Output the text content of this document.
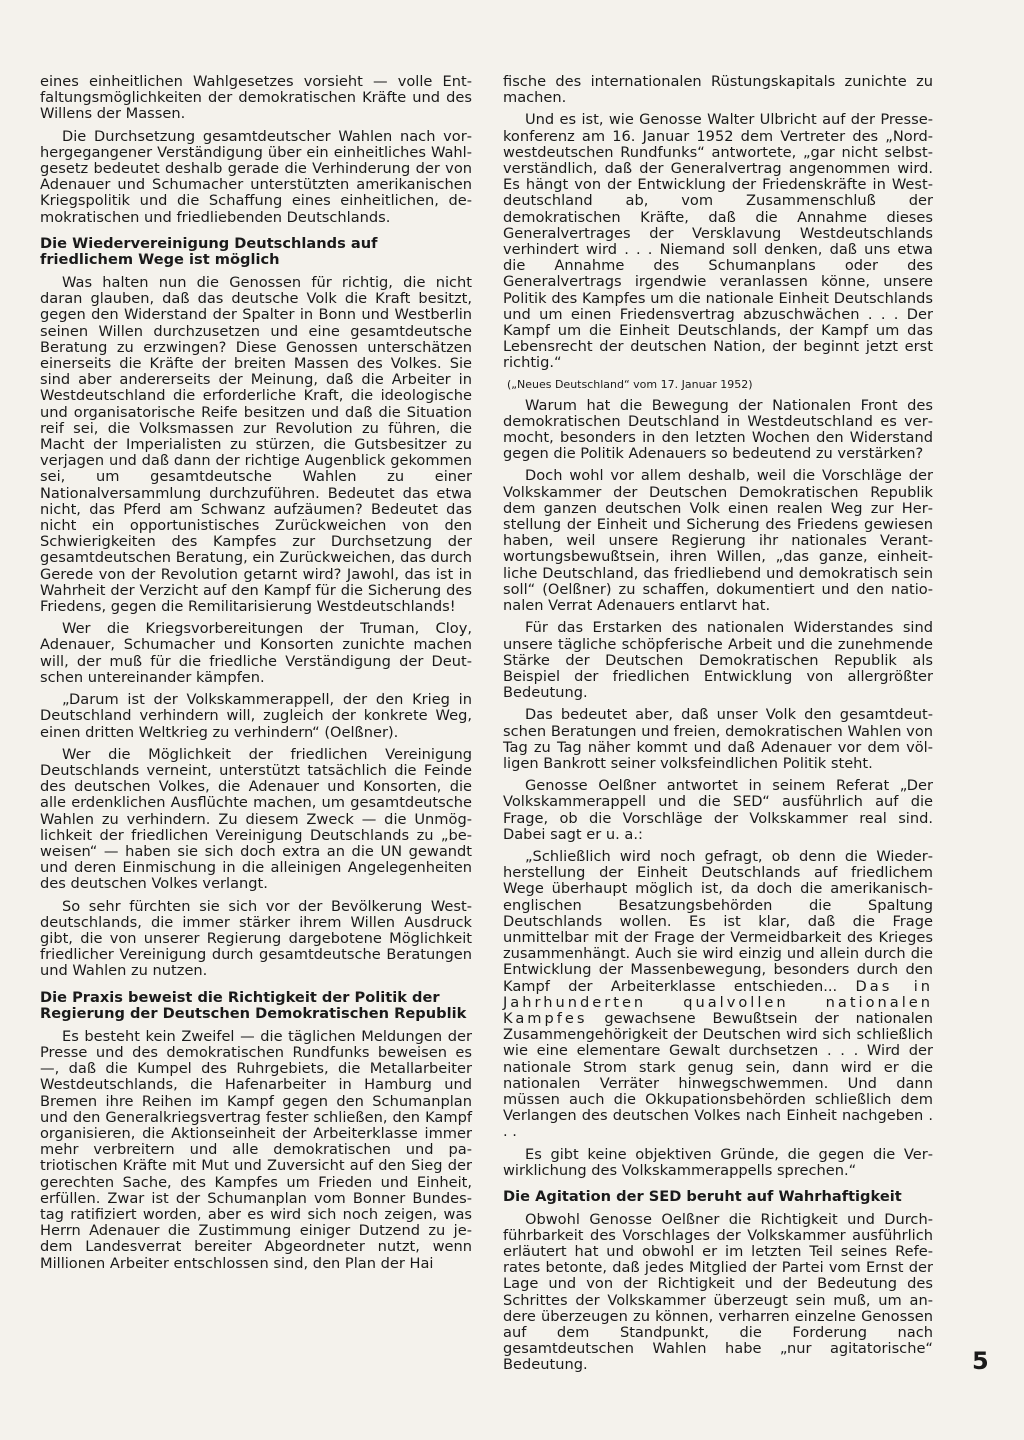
eines einheitlichen Wahlgesetzes vorsieht — volle Entfaltungsmöglichkeiten der demokratischen Kräfte und des Willens der Massen.

Die Durchsetzung gesamtdeutscher Wahlen nach vorhergegangener Verständigung über ein einheitliches Wahlgesetz bedeutet deshalb gerade die Verhinderung der von Adenauer und Schumacher unterstützten amerikanischen Kriegspolitik und die Schaffung eines einheitlichen, demokratischen und friedliebenden Deutschlands.

Die Wiedervereinigung Deutschlands auf friedlichem Wege ist möglich

Was halten nun die Genossen für richtig, die nicht daran glauben, daß das deutsche Volk die Kraft besitzt, gegen den Widerstand der Spalter in Bonn und Westberlin seinen Willen durchzusetzen und eine gesamtdeutsche Beratung zu erzwingen? Diese Genossen unterschätzen einerseits die Kräfte der breiten Massen des Volkes. Sie sind aber andererseits der Meinung, daß die Arbeiter in Westdeutschland die erforderliche Kraft, die ideologische und organisatorische Reife besitzen und daß die Situation reif sei, die Volksmassen zur Revolution zu führen, die Macht der Imperialisten zu stürzen, die Gutsbesitzer zu verjagen und daß dann der richtige Augenblick gekommen sei, um gesamtdeutsche Wahlen zu einer Nationalversammlung durchzuführen. Bedeutet das etwa nicht, das Pferd am Schwanz aufzäumen? Bedeutet das nicht ein opportunistisches Zurückweichen von den Schwierigkeiten des Kampfes zur Durchsetzung der gesamtdeutschen Beratung, ein Zurückweichen, das durch Gerede von der Revolution getarnt wird? Jawohl, das ist in Wahrheit der Verzicht auf den Kampf für die Sicherung des Friedens, gegen die Remilitarisierung Westdeutschlands!

Wer die Kriegsvorbereitungen der Truman, Cloy, Adenauer, Schumacher und Konsorten zunichte machen will, der muß für die friedliche Verständigung der Deutschen untereinander kämpfen.

„Darum ist der Volkskammerappell, der den Krieg in Deutschland verhindern will, zugleich der konkrete Weg, einen dritten Weltkrieg zu verhindern“ (Oelßner).

Wer die Möglichkeit der friedlichen Vereinigung Deutschlands verneint, unterstützt tatsächlich die Feinde des deutschen Volkes, die Adenauer und Konsorten, die alle erdenklichen Ausflüchte machen, um gesamtdeutsche Wahlen zu verhindern. Zu diesem Zweck — die Unmöglichkeit der friedlichen Vereinigung Deutschlands zu „beweisen“ — haben sie sich doch extra an die UN gewandt und deren Einmischung in die alleinigen Angelegenheiten des deutschen Volkes verlangt.

So sehr fürchten sie sich vor der Bevölkerung Westdeutschlands, die immer stärker ihrem Willen Ausdruck gibt, die von unserer Regierung dargebotene Möglichkeit friedlicher Vereinigung durch gesamtdeutsche Beratungen und Wahlen zu nutzen.

Die Praxis beweist die Richtigkeit der Politik der Regierung der Deutschen Demokratischen Republik

Es besteht kein Zweifel — die täglichen Meldungen der Presse und des demokratischen Rundfunks beweisen es —, daß die Kumpel des Ruhrgebiets, die Metallarbeiter Westdeutschlands, die Hafenarbeiter in Hamburg und Bremen ihre Reihen im Kampf gegen den Schumanplan und den Generalkriegsvertrag fester schließen, den Kampf organisieren, die Aktionseinheit der Arbeiterklasse immer mehr verbreitern und alle demokratischen und patriotischen Kräfte mit Mut und Zuversicht auf den Sieg der gerechten Sache, des Kampfes um Frieden und Einheit, erfüllen. Zwar ist der Schumanplan vom Bonner Bundestag ratifiziert worden, aber es wird sich noch zeigen, was Herrn Adenauer die Zustimmung einiger Dutzend zu jedem Landesverrat bereiter Abgeordneter nutzt, wenn Millionen Arbeiter entschlossen sind, den Plan der Hai

fische des internationalen Rüstungskapitals zunichte zu machen.

Und es ist, wie Genosse Walter Ulbricht auf der Pressekonferenz am 16. Januar 1952 dem Vertreter des „Nordwestdeutschen Rundfunks“ antwortete, „gar nicht selbstverständlich, daß der Generalvertrag angenommen wird. Es hängt von der Entwicklung der Friedenskräfte in Westdeutschland ab, vom Zusammenschluß der demokratischen Kräfte, daß die Annahme dieses Generalvertrages der Versklavung Westdeutschlands verhindert wird . . . Niemand soll denken, daß uns etwa die Annahme des Schumanplans oder des Generalvertrags irgendwie veranlassen könne, unsere Politik des Kampfes um die nationale Einheit Deutschlands und um einen Friedensvertrag abzuschwächen . . . Der Kampf um die Einheit Deutschlands, der Kampf um das Lebensrecht der deutschen Nation, der beginnt jetzt erst richtig.“

(„Neues Deutschland“ vom 17. Januar 1952)

Warum hat die Bewegung der Nationalen Front des demokratischen Deutschland in Westdeutschland es vermocht, besonders in den letzten Wochen den Widerstand gegen die Politik Adenauers so bedeutend zu verstärken?

Doch wohl vor allem deshalb, weil die Vorschläge der Volkskammer der Deutschen Demokratischen Republik dem ganzen deutschen Volk einen realen Weg zur Herstellung der Einheit und Sicherung des Friedens gewiesen haben, weil unsere Regierung ihr nationales Verantwortungsbewußtsein, ihren Willen, „das ganze, einheitliche Deutschland, das friedliebend und demokratisch sein soll“ (Oelßner) zu schaffen, dokumentiert und den nationalen Verrat Adenauers entlarvt hat.

Für das Erstarken des nationalen Widerstandes sind unsere tägliche schöpferische Arbeit und die zunehmende Stärke der Deutschen Demokratischen Republik als Beispiel der friedlichen Entwicklung von allergrößter Bedeutung.

Das bedeutet aber, daß unser Volk den gesamtdeutschen Beratungen und freien, demokratischen Wahlen von Tag zu Tag näher kommt und daß Adenauer vor dem völligen Bankrott seiner volksfeindlichen Politik steht.

Genosse Oelßner antwortet in seinem Referat „Der Volkskammerappell und die SED“ ausführlich auf die Frage, ob die Vorschläge der Volkskammer real sind. Dabei sagt er u. a.:

„Schließlich wird noch gefragt, ob denn die Wiederherstellung der Einheit Deutschlands auf friedlichem Wege überhaupt möglich ist, da doch die amerikanisch-englischen Besatzungsbehörden die Spaltung Deutschlands wollen. Es ist klar, daß die Frage unmittelbar mit der Frage der Vermeidbarkeit des Krieges zusammenhängt. Auch sie wird einzig und allein durch die Entwicklung der Massenbewegung, besonders durch den Kampf der Arbeiterklasse entschieden... Das in Jahrhunderten qualvollen nationalen Kampfes gewachsene Bewußtsein der nationalen Zusammengehörigkeit der Deutschen wird sich schließlich wie eine elementare Gewalt durchsetzen . . . Wird der nationale Strom stark genug sein, dann wird er die nationalen Verräter hinwegschwemmen. Und dann müssen auch die Okkupationsbehörden schließlich dem Verlangen des deutschen Volkes nach Einheit nachgeben . . .

Es gibt keine objektiven Gründe, die gegen die Verwirklichung des Volkskammerappells sprechen.“

Die Agitation der SED beruht auf Wahrhaftigkeit

Obwohl Genosse Oelßner die Richtigkeit und Durchführbarkeit des Vorschlages der Volkskammer ausführlich erläutert hat und obwohl er im letzten Teil seines Referates betonte, daß jedes Mitglied der Partei vom Ernst der Lage und von der Richtigkeit und der Bedeutung des Schrittes der Volkskammer überzeugt sein muß, um andere überzeugen zu können, verharren einzelne Genossen auf dem Standpunkt, die Forderung nach gesamtdeutschen Wahlen habe „nur agitatorische“ Bedeutung.	5
